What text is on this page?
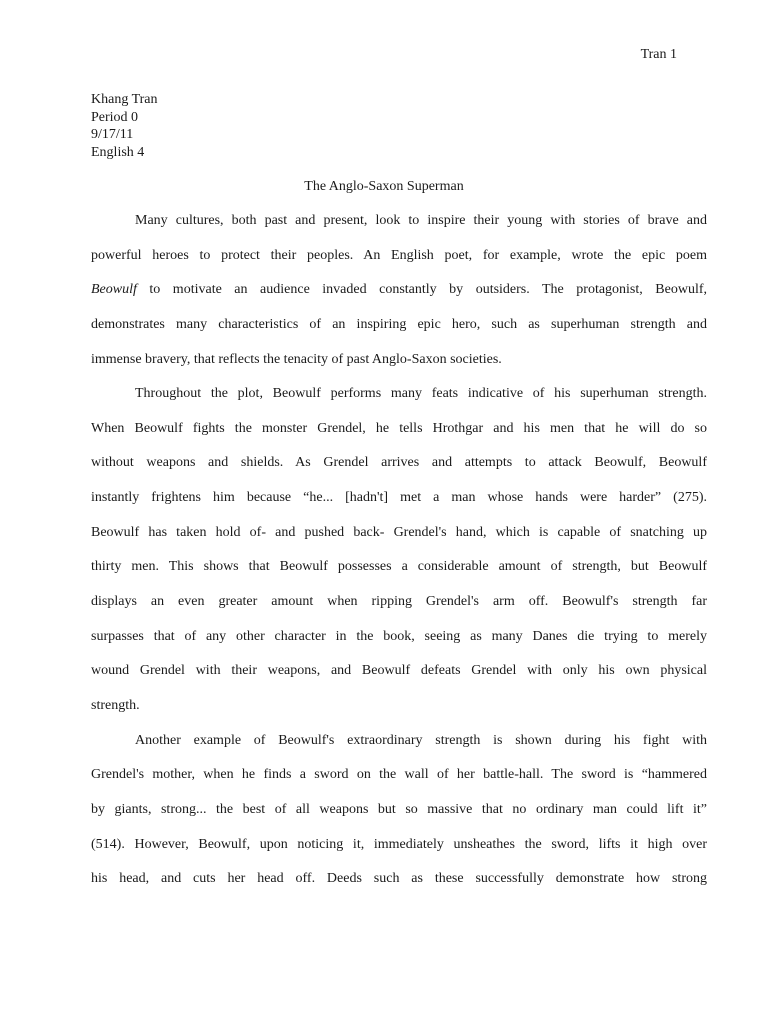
Tran 1
Khang Tran
Period 0
9/17/11
English 4
The Anglo-Saxon Superman
Many cultures, both past and present, look to inspire their young with stories of brave and
powerful heroes to protect their peoples. An English poet, for example, wrote the epic poem
Beowulf to motivate an audience invaded constantly by outsiders. The protagonist, Beowulf,
demonstrates many characteristics of an inspiring epic hero, such as superhuman strength and
immense bravery, that reflects the tenacity of past Anglo-Saxon societies.
Throughout the plot, Beowulf performs many feats indicative of his superhuman strength.
When Beowulf fights the monster Grendel, he tells Hrothgar and his men that he will do so
without weapons and shields. As Grendel arrives and attempts to attack Beowulf, Beowulf
instantly frightens him because “he... [hadn't] met a man whose hands were harder” (275).
Beowulf has taken hold of- and pushed back- Grendel's hand, which is capable of snatching up
thirty men. This shows that Beowulf possesses a considerable amount of strength, but Beowulf
displays an even greater amount when ripping Grendel's arm off. Beowulf's strength far
surpasses that of any other character in the book, seeing as many Danes die trying to merely
wound Grendel with their weapons, and Beowulf defeats Grendel with only his own physical
strength.
Another example of Beowulf's extraordinary strength is shown during his fight with
Grendel's mother, when he finds a sword on the wall of her battle-hall. The sword is “hammered
by giants, strong... the best of all weapons but so massive that no ordinary man could lift it”
(514). However, Beowulf, upon noticing it, immediately unsheathes the sword, lifts it high over
his head, and cuts her head off. Deeds such as these successfully demonstrate how strong
